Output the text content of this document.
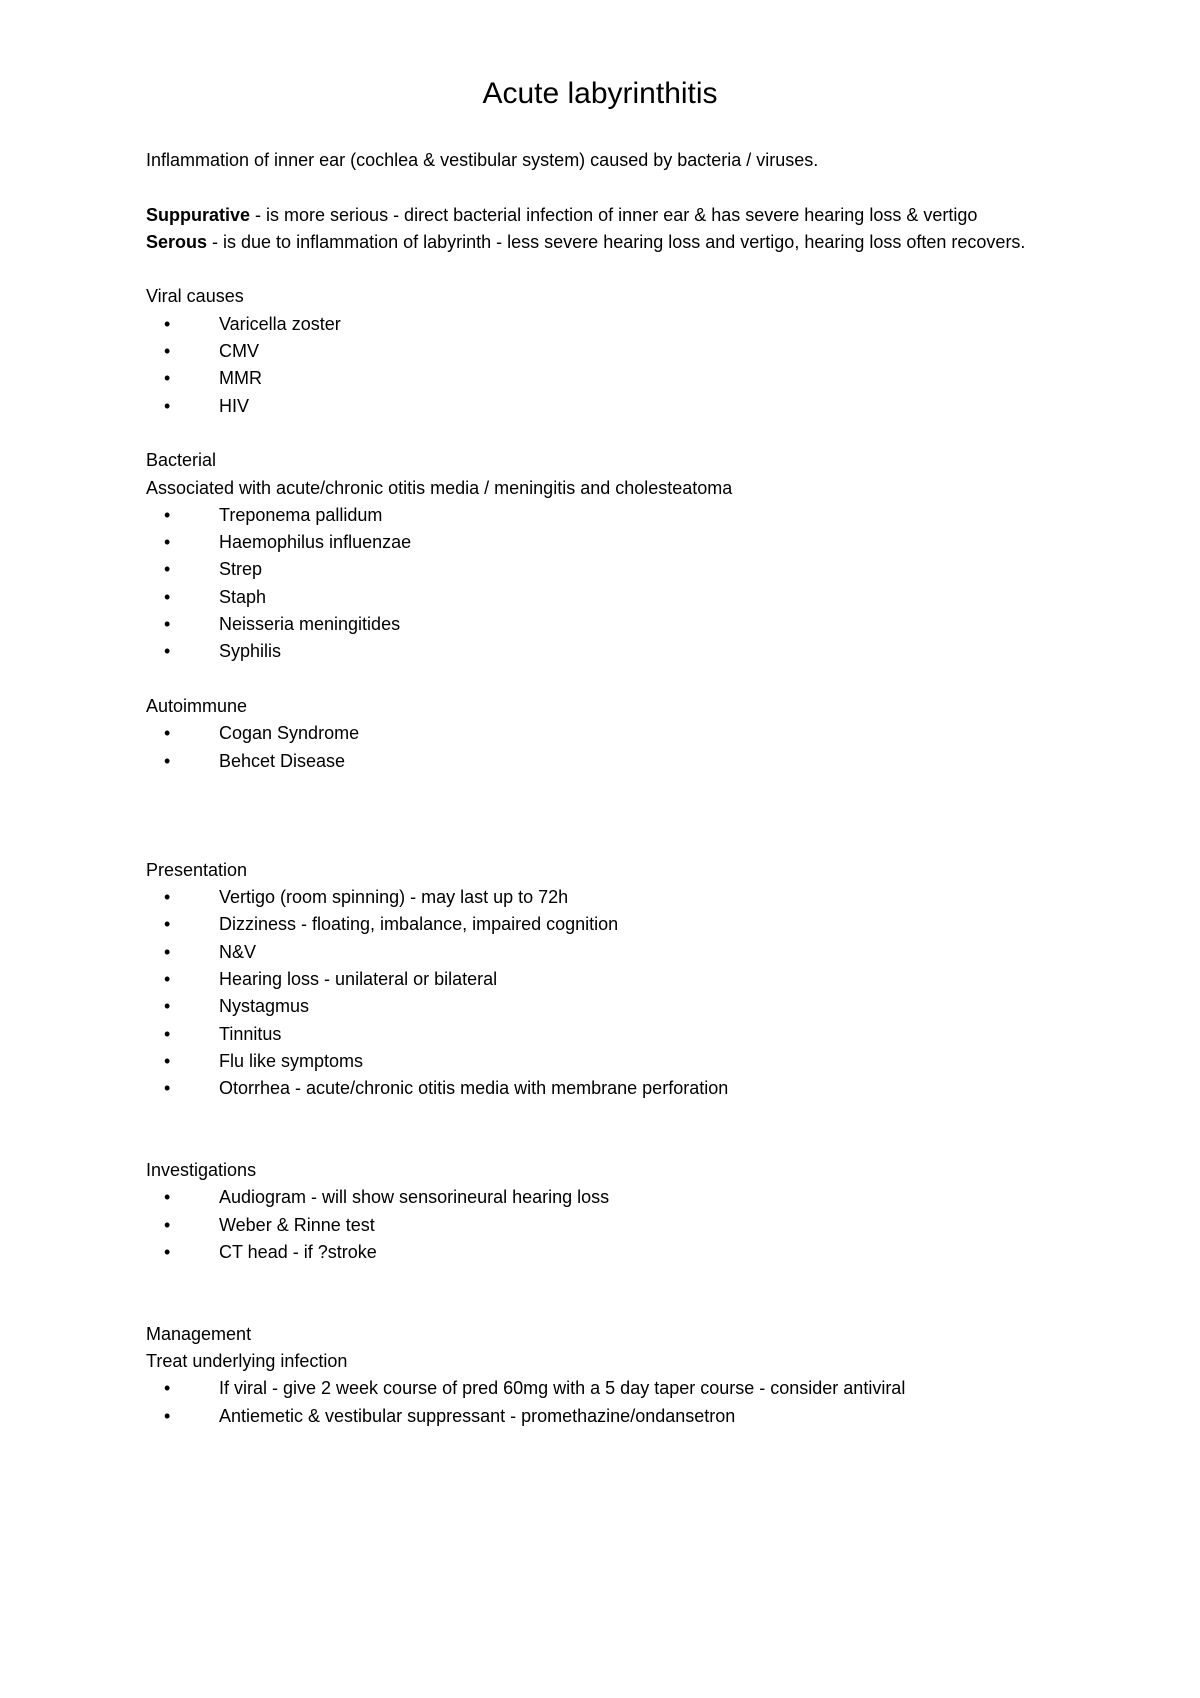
Acute labyrinthitis

Inflammation of inner ear (cochlea & vestibular system) caused by bacteria / viruses.

Suppurative - is more serious - direct bacterial infection of inner ear & has severe hearing loss & vertigo

Serous - is due to inflammation of labyrinth - less severe hearing loss and vertigo, hearing loss often recovers.

Viral causes

•	Varicella zoster
•	CMV
•	MMR
•	HIV

Bacterial

Associated with acute/chronic otitis media / meningitis and cholesteatoma

•	Treponema pallidum
•	Haemophilus influenzae
•	Strep
•	Staph
•	Neisseria meningitides
•	Syphilis

Autoimmune

•	Cogan Syndrome
•	Behcet Disease

Presentation

•	Vertigo (room spinning) - may last up to 72h
•	Dizziness - floating, imbalance, impaired cognition
•	N&V
•	Hearing loss - unilateral or bilateral
•	Nystagmus
•	Tinnitus
•	Flu like symptoms
•	Otorrhea - acute/chronic otitis media with membrane perforation

Investigations

•	Audiogram - will show sensorineural hearing loss
•	Weber & Rinne test
•	CT head - if ?stroke

Management

Treat underlying infection

•	If viral - give 2 week course of pred 60mg with a 5 day taper course - consider antiviral
•	Antiemetic & vestibular suppressant - promethazine/ondansetron
